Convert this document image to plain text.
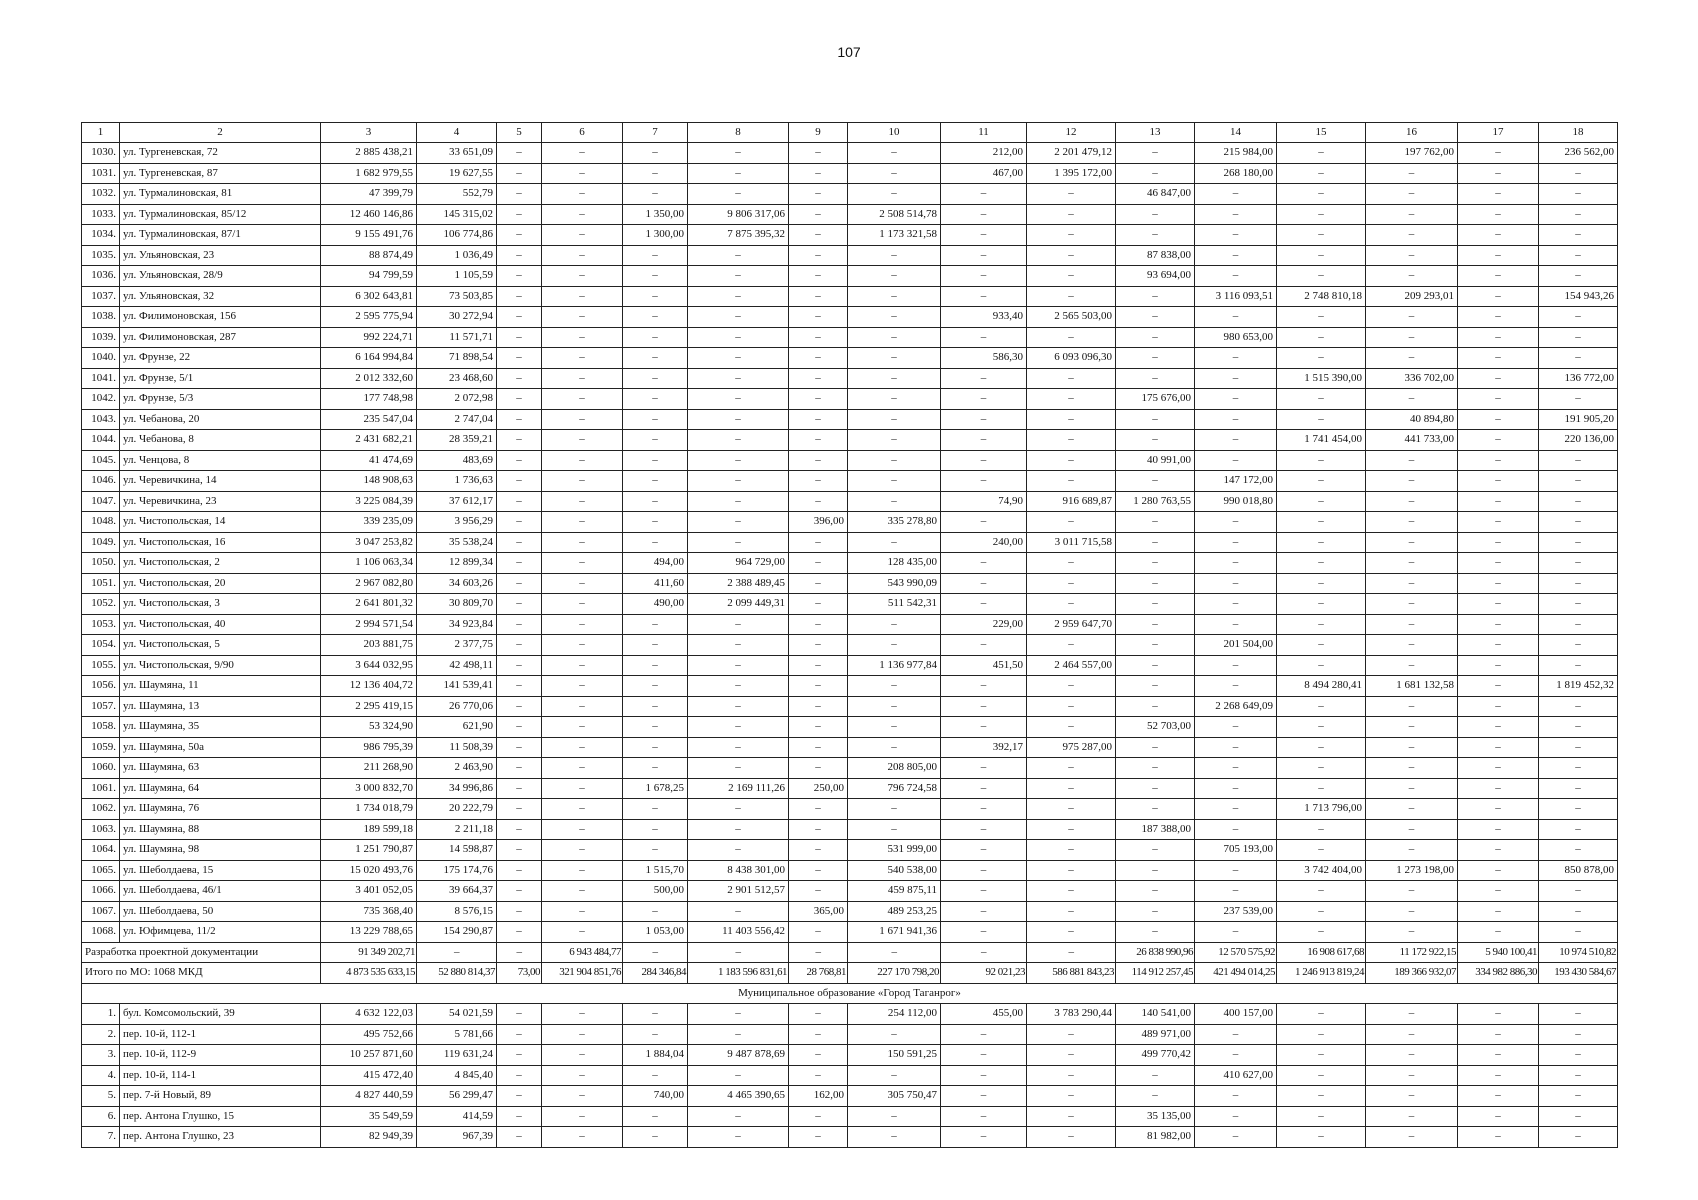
107
1	2	3	4	5	6	7	8	9	10	11	12	13	14	15	16	17	18
1030.	ул. Тургеневская, 72	2 885 438,21	33 651,09	–	–	–	–	–	–	212,00	2 201 479,12	–	215 984,00	–	197 762,00	–	236 562,00
1031.	ул. Тургеневская, 87	1 682 979,55	19 627,55	–	–	–	–	–	–	467,00	1 395 172,00	–	268 180,00	–	–	–	–
1032.	ул. Турмалиновская, 81	47 399,79	552,79	–	–	–	–	–	–	–	–	46 847,00	–	–	–	–	–
1033.	ул. Турмалиновская, 85/12	12 460 146,86	145 315,02	–	–	1 350,00	9 806 317,06	–	2 508 514,78	–	–	–	–	–	–	–	–
1034.	ул. Турмалиновская, 87/1	9 155 491,76	106 774,86	–	–	1 300,00	7 875 395,32	–	1 173 321,58	–	–	–	–	–	–	–	–
1035.	ул. Ульяновская, 23	88 874,49	1 036,49	–	–	–	–	–	–	–	–	87 838,00	–	–	–	–	–
1036.	ул. Ульяновская, 28/9	94 799,59	1 105,59	–	–	–	–	–	–	–	–	93 694,00	–	–	–	–	–
1037.	ул. Ульяновская, 32	6 302 643,81	73 503,85	–	–	–	–	–	–	–	–	–	3 116 093,51	2 748 810,18	209 293,01	–	154 943,26
1038.	ул. Филимоновская, 156	2 595 775,94	30 272,94	–	–	–	–	–	–	933,40	2 565 503,00	–	–	–	–	–	–
1039.	ул. Филимоновская, 287	992 224,71	11 571,71	–	–	–	–	–	–	–	–	–	980 653,00	–	–	–	–
1040.	ул. Фрунзе, 22	6 164 994,84	71 898,54	–	–	–	–	–	–	586,30	6 093 096,30	–	–	–	–	–	–
1041.	ул. Фрунзе, 5/1	2 012 332,60	23 468,60	–	–	–	–	–	–	–	–	–	–	1 515 390,00	336 702,00	–	136 772,00
1042.	ул. Фрунзе, 5/3	177 748,98	2 072,98	–	–	–	–	–	–	–	–	175 676,00	–	–	–	–	–
1043.	ул. Чебанова, 20	235 547,04	2 747,04	–	–	–	–	–	–	–	–	–	–	–	40 894,80	–	191 905,20
1044.	ул. Чебанова, 8	2 431 682,21	28 359,21	–	–	–	–	–	–	–	–	–	–	1 741 454,00	441 733,00	–	220 136,00
1045.	ул. Ченцова, 8	41 474,69	483,69	–	–	–	–	–	–	–	–	40 991,00	–	–	–	–	–
1046.	ул. Черевичкина, 14	148 908,63	1 736,63	–	–	–	–	–	–	–	–	–	147 172,00	–	–	–	–
1047.	ул. Черевичкина, 23	3 225 084,39	37 612,17	–	–	–	–	–	–	74,90	916 689,87	1 280 763,55	990 018,80	–	–	–	–
1048.	ул. Чистопольская, 14	339 235,09	3 956,29	–	–	–	–	396,00	335 278,80	–	–	–	–	–	–	–	–
1049.	ул. Чистопольская, 16	3 047 253,82	35 538,24	–	–	–	–	–	–	240,00	3 011 715,58	–	–	–	–	–	–
1050.	ул. Чистопольская, 2	1 106 063,34	12 899,34	–	–	494,00	964 729,00	–	128 435,00	–	–	–	–	–	–	–	–
1051.	ул. Чистопольская, 20	2 967 082,80	34 603,26	–	–	411,60	2 388 489,45	–	543 990,09	–	–	–	–	–	–	–	–
1052.	ул. Чистопольская, 3	2 641 801,32	30 809,70	–	–	490,00	2 099 449,31	–	511 542,31	–	–	–	–	–	–	–	–
1053.	ул. Чистопольская, 40	2 994 571,54	34 923,84	–	–	–	–	–	–	229,00	2 959 647,70	–	–	–	–	–	–
1054.	ул. Чистопольская, 5	203 881,75	2 377,75	–	–	–	–	–	–	–	–	–	201 504,00	–	–	–	–
1055.	ул. Чистопольская, 9/90	3 644 032,95	42 498,11	–	–	–	–	–	1 136 977,84	451,50	2 464 557,00	–	–	–	–	–	–
1056.	ул. Шаумяна, 11	12 136 404,72	141 539,41	–	–	–	–	–	–	–	–	–	–	8 494 280,41	1 681 132,58	–	1 819 452,32
1057.	ул. Шаумяна, 13	2 295 419,15	26 770,06	–	–	–	–	–	–	–	–	–	2 268 649,09	–	–	–	–
1058.	ул. Шаумяна, 35	53 324,90	621,90	–	–	–	–	–	–	–	–	52 703,00	–	–	–	–	–
1059.	ул. Шаумяна, 50а	986 795,39	11 508,39	–	–	–	–	–	–	392,17	975 287,00	–	–	–	–	–	–
1060.	ул. Шаумяна, 63	211 268,90	2 463,90	–	–	–	–	–	208 805,00	–	–	–	–	–	–	–	–
1061.	ул. Шаумяна, 64	3 000 832,70	34 996,86	–	–	1 678,25	2 169 111,26	250,00	796 724,58	–	–	–	–	–	–	–	–
1062.	ул. Шаумяна, 76	1 734 018,79	20 222,79	–	–	–	–	–	–	–	–	–	–	1 713 796,00	–	–	–
1063.	ул. Шаумяна, 88	189 599,18	2 211,18	–	–	–	–	–	–	–	–	187 388,00	–	–	–	–	–
1064.	ул. Шаумяна, 98	1 251 790,87	14 598,87	–	–	–	–	–	531 999,00	–	–	–	705 193,00	–	–	–	–
1065.	ул. Шеболдаева, 15	15 020 493,76	175 174,76	–	–	1 515,70	8 438 301,00	–	540 538,00	–	–	–	–	3 742 404,00	1 273 198,00	–	850 878,00
1066.	ул. Шеболдаева, 46/1	3 401 052,05	39 664,37	–	–	500,00	2 901 512,57	–	459 875,11	–	–	–	–	–	–	–	–
1067.	ул. Шеболдаева, 50	735 368,40	8 576,15	–	–	–	–	365,00	489 253,25	–	–	–	237 539,00	–	–	–	–
1068.	ул. Юфимцева, 11/2	13 229 788,65	154 290,87	–	–	1 053,00	11 403 556,42	–	1 671 941,36	–	–	–	–	–	–	–	–
Разработка проектной документации		91 349 202,71	–	–	6 943 484,77	–	–	–	–	–	–	26 838 990,96	12 570 575,92	16 908 617,68	11 172 922,15	5 940 100,41	10 974 510,82
Итого по МО: 1068 МКД		4 873 535 633,15	52 880 814,37	73,00	321 904 851,76	284 346,84	1 183 596 831,61	28 768,81	227 170 798,20	92 021,23	586 881 843,23	114 912 257,45	421 494 014,25	1 246 913 819,24	189 366 932,07	334 982 886,30	193 430 584,67
Муниципальное образование «Город Таганрог»																	
1.	бул. Комсомольский, 39	4 632 122,03	54 021,59	–	–	–	–	–	254 112,00	455,00	3 783 290,44	140 541,00	400 157,00	–	–	–	–
2.	пер. 10-й, 112-1	495 752,66	5 781,66	–	–	–	–	–	–	–	–	489 971,00	–	–	–	–	–
3.	пер. 10-й, 112-9	10 257 871,60	119 631,24	–	–	1 884,04	9 487 878,69	–	150 591,25	–	–	499 770,42	–	–	–	–	–
4.	пер. 10-й, 114-1	415 472,40	4 845,40	–	–	–	–	–	–	–	–	–	410 627,00	–	–	–	–
5.	пер. 7-й Новый, 89	4 827 440,59	56 299,47	–	–	740,00	4 465 390,65	162,00	305 750,47	–	–	–	–	–	–	–	–
6.	пер. Антона Глушко, 15	35 549,59	414,59	–	–	–	–	–	–	–	–	35 135,00	–	–	–	–	–
7.	пер. Антона Глушко, 23	82 949,39	967,39	–	–	–	–	–	–	–	–	81 982,00	–	–	–	–	–
